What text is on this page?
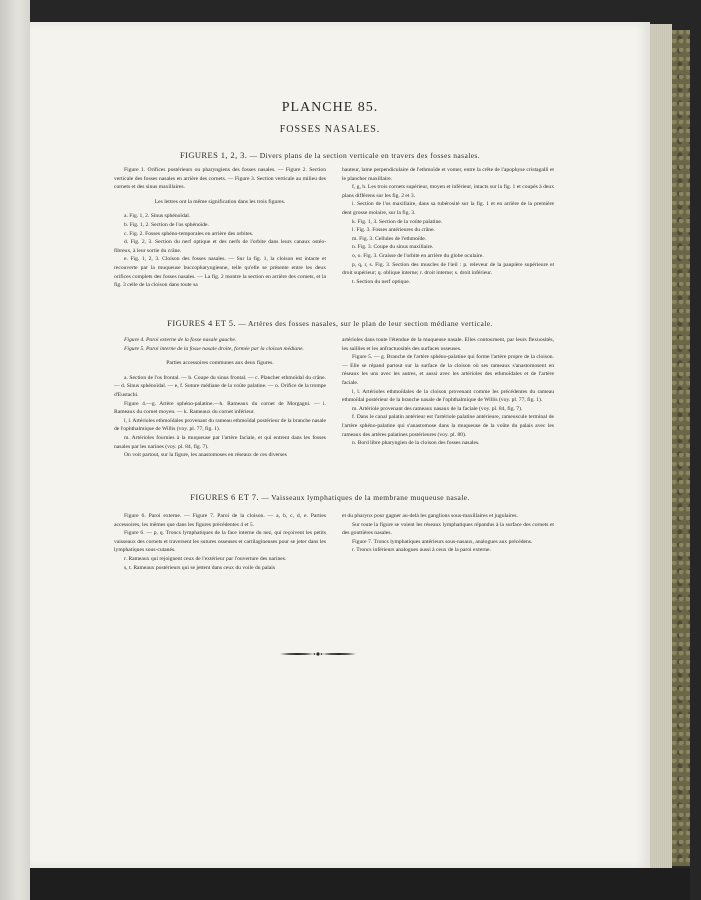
PLANCHE 85.
FOSSES NASALES.
FIGURES 1, 2, 3. — Divers plans de la section verticale en travers des fosses nasales.

Figure 1. Orifices postérieurs ou pharyngiens des fosses nasales. — Figure 2. Section verticale des fosses nasales en arrière des cornets. — Figure 3. Section verticale au milieu des cornets et des sinus maxillaires.

Les lettres ont la même signification dans les trois figures.

a. Fig. 1, 2. Sinus sphénoïdal.

b. Fig. 1, 2. Section de l'os sphénoïde.

c. Fig. 2. Fosses sphéno-temporales en arrière des orbites.

d. Fig. 2, 3. Section du nerf optique et des nerfs de l'orbite dans leurs canaux ostéo-fibreux, à leur sortie du crâne.

e. Fig. 1, 2, 3. Cloison des fosses nasales. — Sur la fig. 1, la cloison est intacte et recouverte par la muqueuse buccopharyngienne, telle qu'elle se présente entre les deux orifices complets des fosses nasales. — La fig. 2 montre la section en arrière des cornets, et la fig. 3 celle de la cloison dans toute sa

hauteur, lame perpendiculaire de l'ethmoïde et vomer, entre la crête de l'apophyse cristagalli et le plancher maxillaire.

f, g, h. Les trois cornets supérieur, moyen et inférieur, intacts sur la fig. 1 et coupés à deux plans différens sur les fig. 2 et 3.

i. Section de l'os maxillaire, dans sa tubérosité sur la fig. 1 et en arrière de la première dent grosse molaire, sur la fig. 3.

k. Fig. 1, 3. Section de la voûte palatine.

l. Fig. 3. Fosses antérieures du crâne.

m. Fig. 3. Cellules de l'ethmoïde.

n. Fig. 3. Coupe du sinus maxillaire.

o, o. Fig. 3. Graisse de l'orbite en arrière du globe oculaire.

p, q, r, s. Fig. 3. Section des muscles de l'œil : p. releveur de la paupière supérieure et droit supérieur; q. oblique interne; r. droit interne; s. droit inférieur.

t. Section du nerf optique.

FIGURES 4 ET 5. — Artères des fosses nasales, sur le plan de leur section médiane verticale.

Figure 4. Paroi externe de la fosse nasale gauche.

Figure 5. Paroi interne de la fosse nasale droite, formée par la cloison médiane.

Parties accessoires communes aux deux figures.

a. Section de l'os frontal. — b. Coupe du sinus frontal. — c. Plancher ethmoïdal du crâne. — d. Sinus sphénoïdal. — e, f. Suture médiane de la voûte palatine. — o. Orifice de la trompe d'Eustachi.

Figure 4.—g. Artère sphéno-palatine.—h. Rameaux du cornet de Morgagni. — i. Rameaux du cornet moyen. — k. Rameaux du cornet inférieur.

l, l. Artérioles ethmoïdales provenant du rameau ethmoïdal postérieur de la branche nasale de l'ophthalmique de Willis (voy. pl. 77, fig. 1).

m. Artérioles fournies à la muqueuse par l'artère faciale, et qui entrent dans les fosses nasales par les narines (voy. pl. 84, fig. 7).

On voit partout, sur la figure, les anastomoses en réseaux de ces diverses

artérioles dans toute l'étendue de la muqueuse nasale. Elles contournent, par leurs flexuosités, les saillies et les anfractuosités des surfaces osseuses.

Figure 5. — g. Branche de l'artère sphéno-palatine qui forme l'artère propre de la cloison. — Elle se répand partout sur la surface de la cloison où ses rameaux s'anastomosent en réseaux les uns avec les autres, et aussi avec les artérioles des ethmoïdales et de l'artère faciale.

l, l. Artérioles ethmoïdales de la cloison provenant comme les précédentes du rameau ethmoïdal postérieur de la branche nasale de l'ophthalmique de Willis (voy. pl. 77, fig. 1).

m. Artériole provenant des rameaux nasaux de la faciale (voy. pl. 84, fig. 7).

f. Dans le canal palatin antérieur est l'artériole palatine antérieure, rameuscule terminal de l'artère sphéno-palatine qui s'anastomose dans la muqueuse de la voûte du palais avec les rameaux des artères palatines postérieures (voy. pl. 80).

n. Bord libre pharyngien de la cloison des fosses nasales.

FIGURES 6 ET 7. — Vaisseaux lymphatiques de la membrane muqueuse nasale.

Figure 6. Paroi externe. — Figure 7. Paroi de la cloison. — a, b, c, d, e. Parties accessoires, les mêmes que dans les figures précédentes 4 et 5.

Figure 6. — p, q. Troncs lymphatiques de la face interne du nez, qui reçoivent les petits vaisseaux des cornets et traversent les sutures osseuses et cartilagineuses pour se jeter dans les lymphatiques sous-cutanés.

r. Rameaux qui rejoignent ceux de l'extérieur par l'ouverture des narines.

s, t. Rameaux postérieurs qui se jettent dans ceux du voile du palais

et du pharynx pour gagner au-delà les ganglions sous-maxillaires et jugulaires.

Sur toute la figure se voient les réseaux lymphatiques répandus à la surface des cornets et des gouttières nasales.

Figure 7. Troncs lymphatiques antérieurs sous-nasaux, analogues aux précédens.

r. Troncs inférieurs analogues aussi à ceux de la paroi externe.
